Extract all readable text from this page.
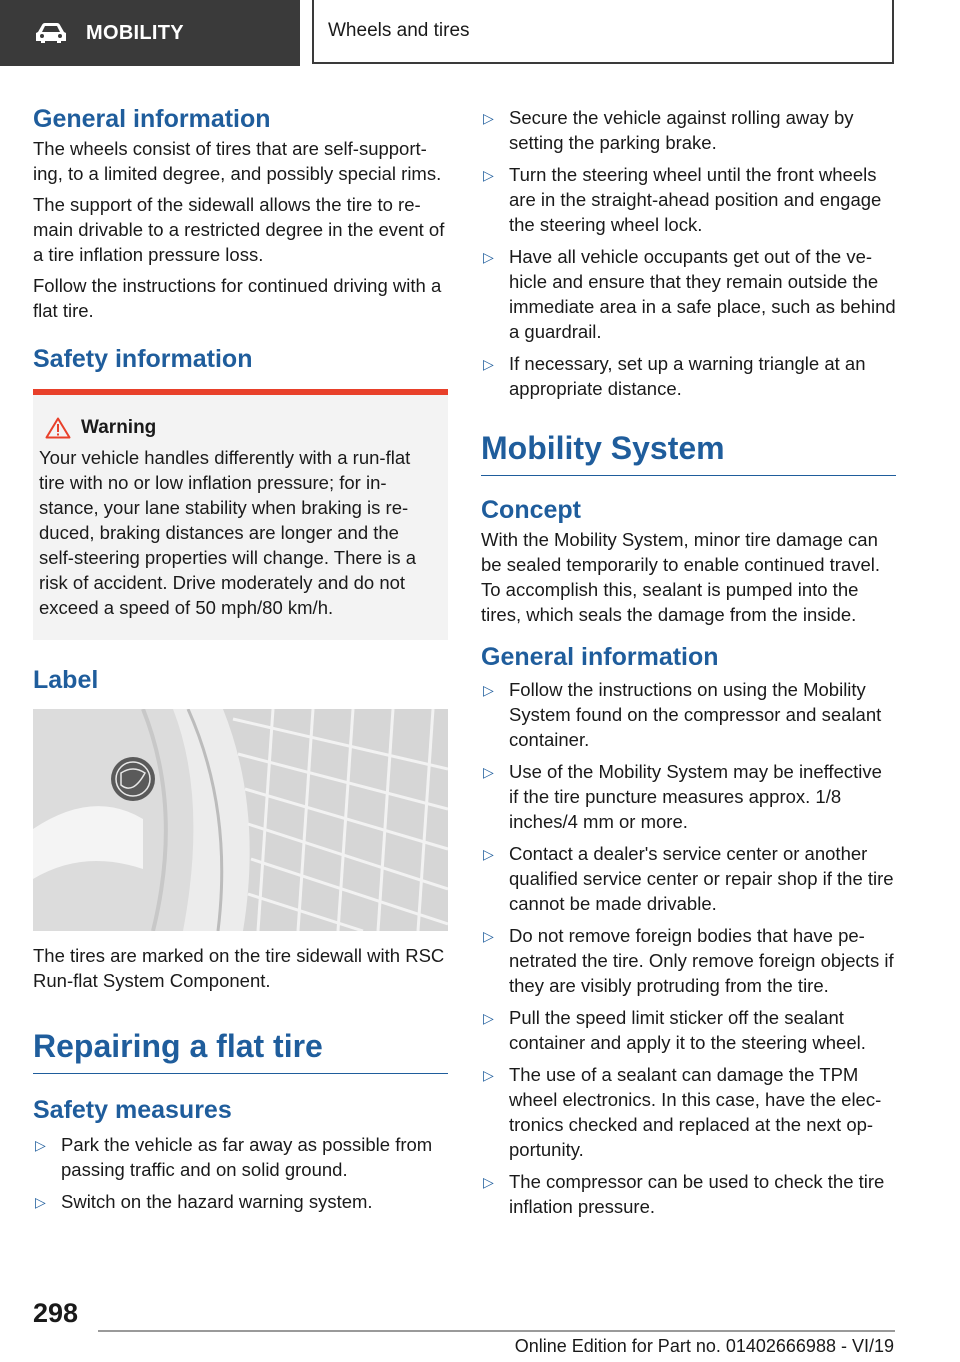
MOBILITY	Wheels and tires
General information

The wheels consist of tires that are self-supporting, to a limited degree, and possibly special rims.

The support of the sidewall allows the tire to remain drivable to a restricted degree in the event of a tire inflation pressure loss.

Follow the instructions for continued driving with a flat tire.

Safety information
Warning

Your vehicle handles differently with a run-flat tire with no or low inflation pressure; for instance, your lane stability when braking is reduced, braking distances are longer and the self-steering properties will change. There is a risk of accident. Drive moderately and do not exceed a speed of 50 mph/80 km/h.

Label

The tires are marked on the tire sidewall with RSC Run-flat System Component.

Repairing a flat tire
Safety measures
▷ Park the vehicle as far away as possible from passing traffic and on solid ground.
▷ Switch on the hazard warning system.
▷ Secure the vehicle against rolling away by setting the parking brake.
▷ Turn the steering wheel until the front wheels are in the straight-ahead position and engage the steering wheel lock.
▷ Have all vehicle occupants get out of the vehicle and ensure that they remain outside the immediate area in a safe place, such as behind a guardrail.
▷ If necessary, set up a warning triangle at an appropriate distance.
Mobility System
Concept

With the Mobility System, minor tire damage can be sealed temporarily to enable continued travel. To accomplish this, sealant is pumped into the tires, which seals the damage from the inside.

General information
▷ Follow the instructions on using the Mobility System found on the compressor and sealant container.
▷ Use of the Mobility System may be ineffective if the tire puncture measures approx. 1/8 inches/4 mm or more.
▷ Contact a dealer's service center or another qualified service center or repair shop if the tire cannot be made drivable.
▷ Do not remove foreign bodies that have penetrated the tire. Only remove foreign objects if they are visibly protruding from the tire.
▷ Pull the speed limit sticker off the sealant container and apply it to the steering wheel.
▷ The use of a sealant can damage the TPM wheel electronics. In this case, have the electronics checked and replaced at the next opportunity.
▷ The compressor can be used to check the tire inflation pressure.
298
Online Edition for Part no. 01402666988 - VI/19
